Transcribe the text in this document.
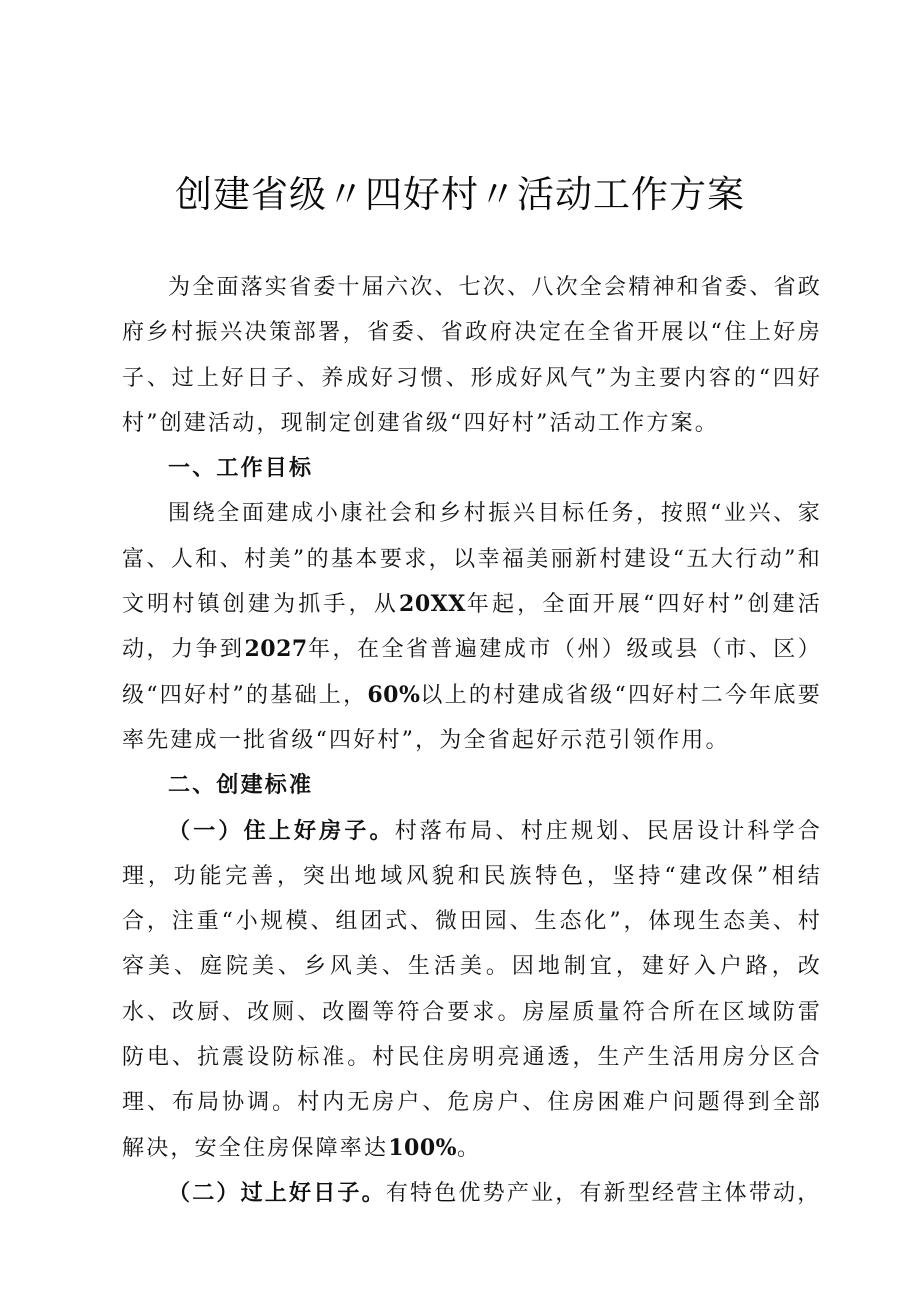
创建省级〃四好村〃活动工作方案

为全面落实省委十届六次、七次、八次全会精神和省委、省政府乡村振兴决策部署，省委、省政府决定在全省开展以“住上好房子、过上好日子、养成好习惯、形成好风气”为主要内容的“四好村”创建活动，现制定创建省级“四好村”活动工作方案。

一、工作目标

围绕全面建成小康社会和乡村振兴目标任务，按照“业兴、家富、人和、村美”的基本要求，以幸福美丽新村建设“五大行动”和文明村镇创建为抓手，从20XX年起，全面开展“四好村”创建活动，力争到2027年，在全省普遍建成市（州）级或县（市、区）级“四好村”的基础上，60%以上的村建成省级“四好村二今年底要率先建成一批省级“四好村”，为全省起好示范引领作用。

二、创建标准

（一）住上好房子。村落布局、村庄规划、民居设计科学合理，功能完善，突出地域风貌和民族特色，坚持“建改保”相结合，注重“小规模、组团式、微田园、生态化”，体现生态美、村容美、庭院美、乡风美、生活美。因地制宜，建好入户路，改水、改厨、改厕、改圈等符合要求。房屋质量符合所在区域防雷防电、抗震设防标准。村民住房明亮通透，生产生活用房分区合理、布局协调。村内无房户、危房户、住房困难户问题得到全部解决，安全住房保障率达100%。

（二）过上好日子。有特色优势产业，有新型经营主体带动，
